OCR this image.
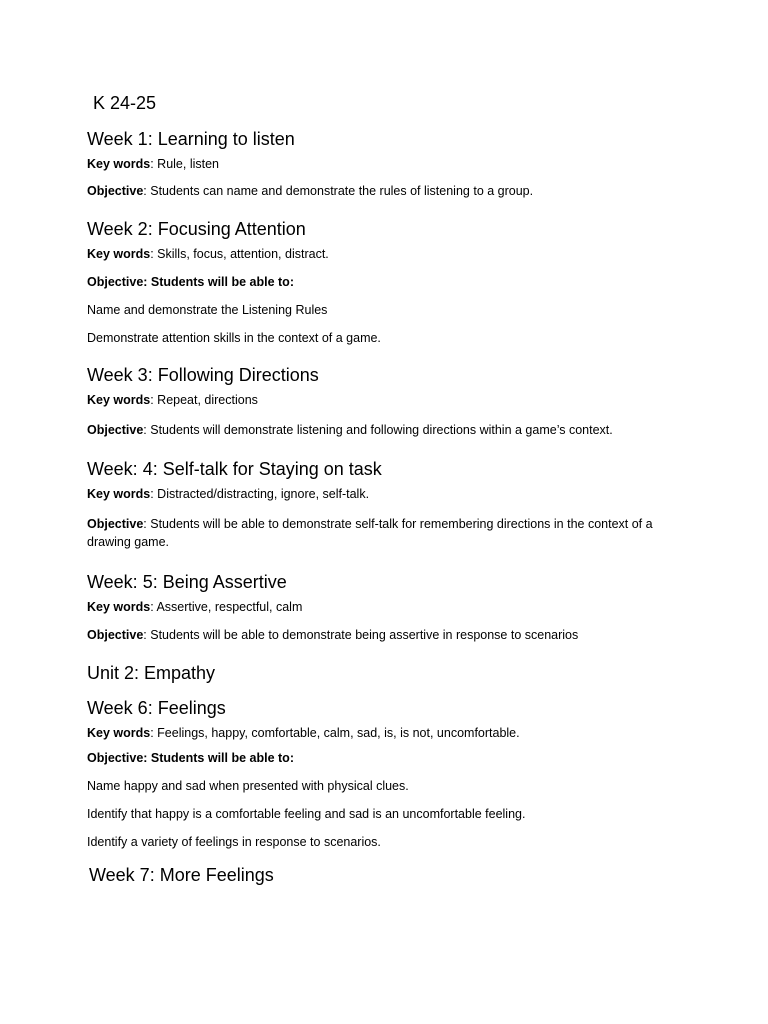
K 24-25
Week 1: Learning to listen
Key words: Rule, listen
Objective: Students can name and demonstrate the rules of listening to a group.
Week 2: Focusing Attention
Key words: Skills, focus, attention, distract.
Objective: Students will be able to:
Name and demonstrate the Listening Rules
Demonstrate attention skills in the context of a game.
Week 3: Following Directions
Key words: Repeat, directions
Objective: Students will demonstrate listening and following directions within a game’s context.
Week: 4: Self-talk for Staying on task
Key words: Distracted/distracting, ignore, self-talk.
Objective: Students will be able to demonstrate self-talk for remembering directions in the context of a drawing game.
Week: 5: Being Assertive
Key words: Assertive, respectful, calm
Objective: Students will be able to demonstrate being assertive in response to scenarios
Unit 2: Empathy
Week 6: Feelings
Key words: Feelings, happy, comfortable, calm, sad, is, is not, uncomfortable.
Objective: Students will be able to:
Name happy and sad when presented with physical clues.
Identify that happy is a comfortable feeling and sad is an uncomfortable feeling.
Identify a variety of feelings in response to scenarios.
Week 7: More Feelings
